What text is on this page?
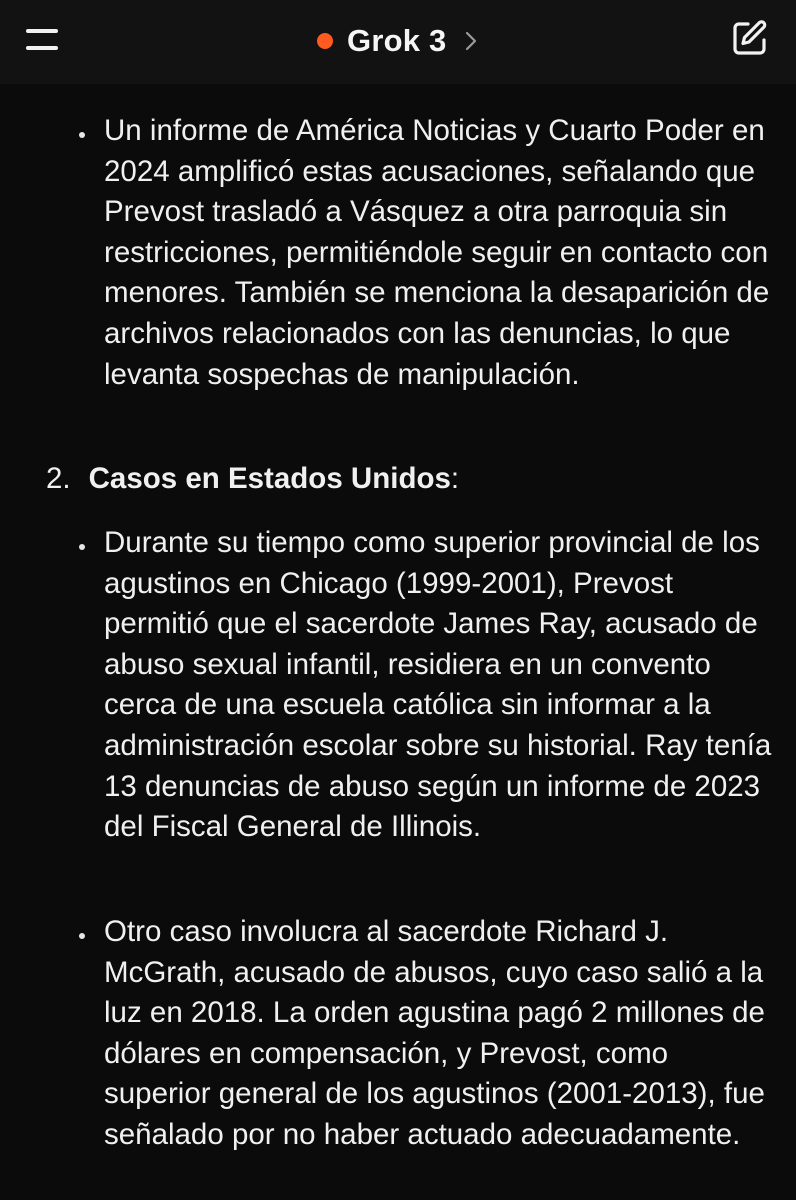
Grok 3
Un informe de América Noticias y Cuarto Poder en 2024 amplificó estas acusaciones, señalando que Prevost trasladó a Vásquez a otra parroquia sin restricciones, permitiéndole seguir en contacto con menores. También se menciona la desaparición de archivos relacionados con las denuncias, lo que levanta sospechas de manipulación.
2. Casos en Estados Unidos:
Durante su tiempo como superior provincial de los agustinos en Chicago (1999-2001), Prevost permitió que el sacerdote James Ray, acusado de abuso sexual infantil, residiera en un convento cerca de una escuela católica sin informar a la administración escolar sobre su historial. Ray tenía 13 denuncias de abuso según un informe de 2023 del Fiscal General de Illinois.
Otro caso involucra al sacerdote Richard J. McGrath, acusado de abusos, cuyo caso salió a la luz en 2018. La orden agustina pagó 2 millones de dólares en compensación, y Prevost, como superior general de los agustinos (2001-2013), fue señalado por no haber actuado adecuadamente.
